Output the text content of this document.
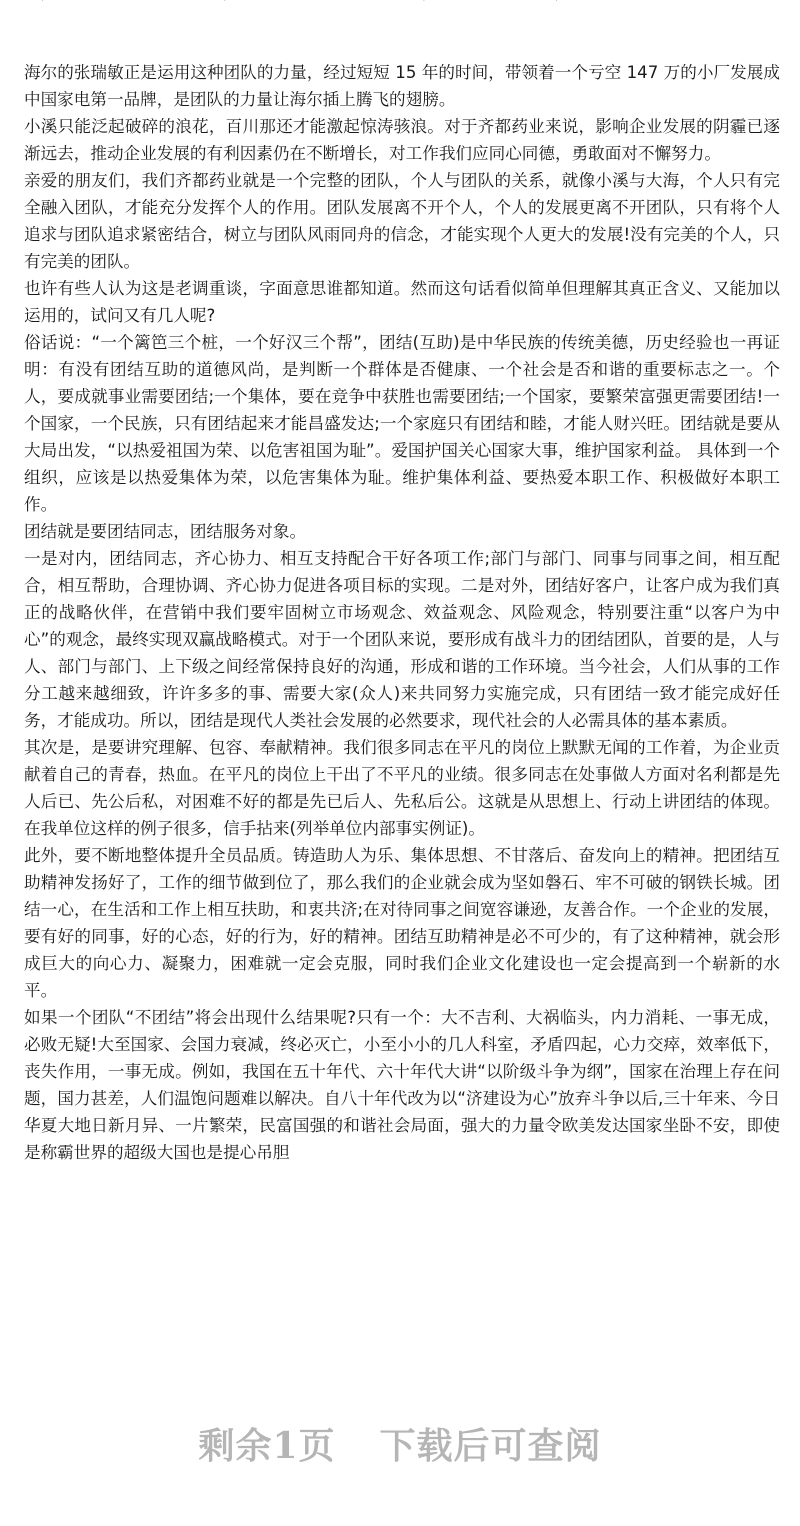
海尔的张瑞敏正是运用这种团队的力量，经过短短 15 年的时间，带领着一个亏空 147 万的小厂发展成中国家电第一品牌，是团队的力量让海尔插上腾飞的翅膀。

小溪只能泛起破碎的浪花，百川那还才能激起惊涛骇浪。对于齐都药业来说，影响企业发展的阴霾已逐渐远去，推动企业发展的有利因素仍在不断增长，对工作我们应同心同德，勇敢面对不懈努力。

亲爱的朋友们，我们齐都药业就是一个完整的团队，个人与团队的关系，就像小溪与大海，个人只有完全融入团队，才能充分发挥个人的作用。团队发展离不开个人，个人的发展更离不开团队，只有将个人追求与团队追求紧密结合，树立与团队风雨同舟的信念，才能实现个人更大的发展!没有完美的个人，只有完美的团队。

也许有些人认为这是老调重谈，字面意思谁都知道。然而这句话看似简单但理解其真正含义、又能加以运用的，试问又有几人呢?

俗话说：“一个篱笆三个桩，一个好汉三个帮”，团结(互助)是中华民族的传统美德，历史经验也一再证明：有没有团结互助的道德风尚，是判断一个群体是否健康、一个社会是否和谐的重要标志之一。个人，要成就事业需要团结;一个集体，要在竞争中获胜也需要团结;一个国家，要繁荣富强更需要团结!一个国家，一个民族，只有团结起来才能昌盛发达;一个家庭只有团结和睦，才能人财兴旺。团结就是要从大局出发，“以热爱祖国为荣、以危害祖国为耻”。爱国护国关心国家大事，维护国家利益。 具体到一个组织，应该是以热爱集体为荣，以危害集体为耻。维护集体利益、要热爱本职工作、积极做好本职工作。

团结就是要团结同志，团结服务对象。

一是对内，团结同志，齐心协力、相互支持配合干好各项工作;部门与部门、同事与同事之间，相互配合，相互帮助，合理协调、齐心协力促进各项目标的实现。二是对外，团结好客户，让客户成为我们真正的战略伙伴，在营销中我们要牢固树立市场观念、效益观念、风险观念，特别要注重“以客户为中心”的观念，最终实现双赢战略模式。对于一个团队来说，要形成有战斗力的团结团队，首要的是，人与人、部门与部门、上下级之间经常保持良好的沟通，形成和谐的工作环境。当今社会，人们从事的工作分工越来越细致，许许多多的事、需要大家(众人)来共同努力实施完成，只有团结一致才能完成好任务，才能成功。所以，团结是现代人类社会发展的必然要求，现代社会的人必需具体的基本素质。

其次是，是要讲究理解、包容、奉献精神。我们很多同志在平凡的岗位上默默无闻的工作着，为企业贡献着自己的青春，热血。在平凡的岗位上干出了不平凡的业绩。很多同志在处事做人方面对名利都是先人后已、先公后私，对困难不好的都是先已后人、先私后公。这就是从思想上、行动上讲团结的体现。在我单位这样的例子很多，信手拈来(列举单位内部事实例证)。

此外，要不断地整体提升全员品质。铸造助人为乐、集体思想、不甘落后、奋发向上的精神。把团结互助精神发扬好了，工作的细节做到位了，那么我们的企业就会成为坚如磐石、牢不可破的钢铁长城。团结一心，在生活和工作上相互扶助，和衷共济;在对待同事之间宽容谦逊，友善合作。一个企业的发展，要有好的同事，好的心态，好的行为，好的精神。团结互助精神是必不可少的，有了这种精神，就会形成巨大的向心力、凝聚力，困难就一定会克服，同时我们企业文化建设也一定会提高到一个崭新的水平。

如果一个团队“不团结”将会出现什么结果呢?只有一个：大不吉利、大祸临头，内力消耗、一事无成，必败无疑!大至国家、会国力衰减，终必灭亡，小至小小的几人科室，矛盾四起，心力交瘁，效率低下，丧失作用，一事无成。例如，我国在五十年代、六十年代大讲“以阶级斗争为纲”，国家在治理上存在问题，国力甚差，人们温饱问题难以解决。自八十年代改为以“济建设为心”放弃斗争以后,三十年来、今日华夏大地日新月异、一片繁荣，民富国强的和谐社会局面，强大的力量令欧美发达国家坐卧不安，即使是称霸世界的超级大国也是提心吊胆

剩余1页 下载后可查阅
